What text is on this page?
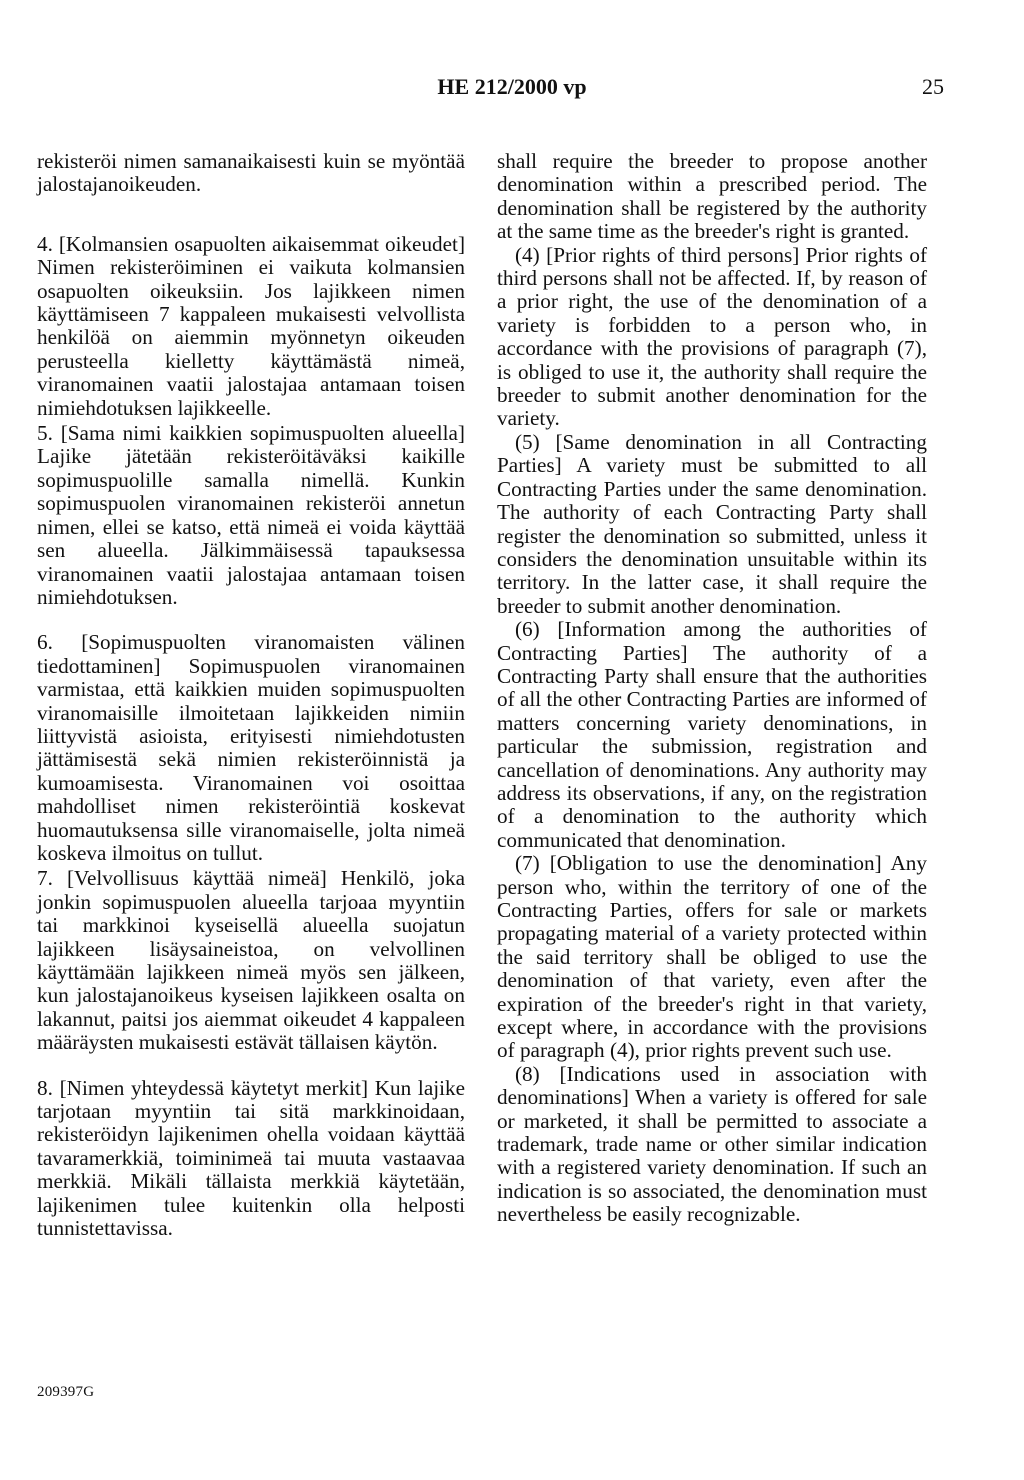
HE 212/2000 vp	25

rekisteröi nimen samanaikaisesti kuin se myöntää jalostajanoikeuden.

4. [Kolmansien osapuolten aikaisemmat oikeudet] Nimen rekisteröiminen ei vaikuta kolmansien osapuolten oikeuksiin. Jos lajikkeen nimen käyttämiseen 7 kappaleen mukaisesti velvollista henkilöä on aiemmin myönnetyn oikeuden perusteella kielletty käyttämästä nimeä, viranomainen vaatii jalostajaa antamaan toisen nimiehdotuksen lajikkeelle.

5. [Sama nimi kaikkien sopimuspuolten alueella] Lajike jätetään rekisteröitäväksi kaikille sopimuspuolille samalla nimellä. Kunkin sopimuspuolen viranomainen rekisteröi annetun nimen, ellei se katso, että nimeä ei voida käyttää sen alueella. Jälkimmäisessä tapauksessa viranomainen vaatii jalostajaa antamaan toisen nimiehdotuksen.

6. [Sopimuspuolten viranomaisten välinen tiedottaminen] Sopimuspuolen viranomainen varmistaa, että kaikkien muiden sopimuspuolten viranomaisille ilmoitetaan lajikkeiden nimiin liittyvistä asioista, erityisesti nimiehdotusten jättämisestä sekä nimien rekisteröinnistä ja kumoamisesta. Viranomainen voi osoittaa mahdolliset nimen rekisteröintiä koskevat huomautuksensa sille viranomaiselle, jolta nimeä koskeva ilmoitus on tullut.

7. [Velvollisuus käyttää nimeä] Henkilö, joka jonkin sopimuspuolen alueella tarjoaa myyntiin tai markkinoi kyseisellä alueella suojatun lajikkeen lisäysaineistoa, on velvollinen käyttämään lajikkeen nimeä myös sen jälkeen, kun jalostajanoikeus kyseisen lajikkeen osalta on lakannut, paitsi jos aiemmat oikeudet 4 kappaleen määräysten mukaisesti estävät tällaisen käytön.

8. [Nimen yhteydessä käytetyt merkit] Kun lajike tarjotaan myyntiin tai sitä markkinoidaan, rekisteröidyn lajikenimen ohella voidaan käyttää tavaramerkkiä, toiminimeä tai muuta vastaavaa merkkiä. Mikäli tällaista merkkiä käytetään, lajikenimen tulee kuitenkin olla helposti tunnistettavissa.

shall require the breeder to propose another denomination within a prescribed period. The denomination shall be registered by the authority at the same time as the breeder's right is granted.

(4) [Prior rights of third persons] Prior rights of third persons shall not be affected. If, by reason of a prior right, the use of the denomination of a variety is forbidden to a person who, in accordance with the provisions of paragraph (7), is obliged to use it, the authority shall require the breeder to submit another denomination for the variety.

(5) [Same denomination in all Contracting Parties] A variety must be submitted to all Contracting Parties under the same denomination. The authority of each Contracting Party shall register the denomination so submitted, unless it considers the denomination unsuitable within its territory. In the latter case, it shall require the breeder to submit another denomination.

(6) [Information among the authorities of Contracting Parties] The authority of a Contracting Party shall ensure that the authorities of all the other Contracting Parties are informed of matters concerning variety denominations, in particular the submission, registration and cancellation of denominations. Any authority may address its observations, if any, on the registration of a denomination to the authority which communicated that denomination.

(7) [Obligation to use the denomination] Any person who, within the territory of one of the Contracting Parties, offers for sale or markets propagating material of a variety protected within the said territory shall be obliged to use the denomination of that variety, even after the expiration of the breeder's right in that variety, except where, in accordance with the provisions of paragraph (4), prior rights prevent such use.

(8) [Indications used in association with denominations] When a variety is offered for sale or marketed, it shall be permitted to associate a trademark, trade name or other similar indication with a registered variety denomination. If such an indication is so associated, the denomination must nevertheless be easily recognizable.

209397G
